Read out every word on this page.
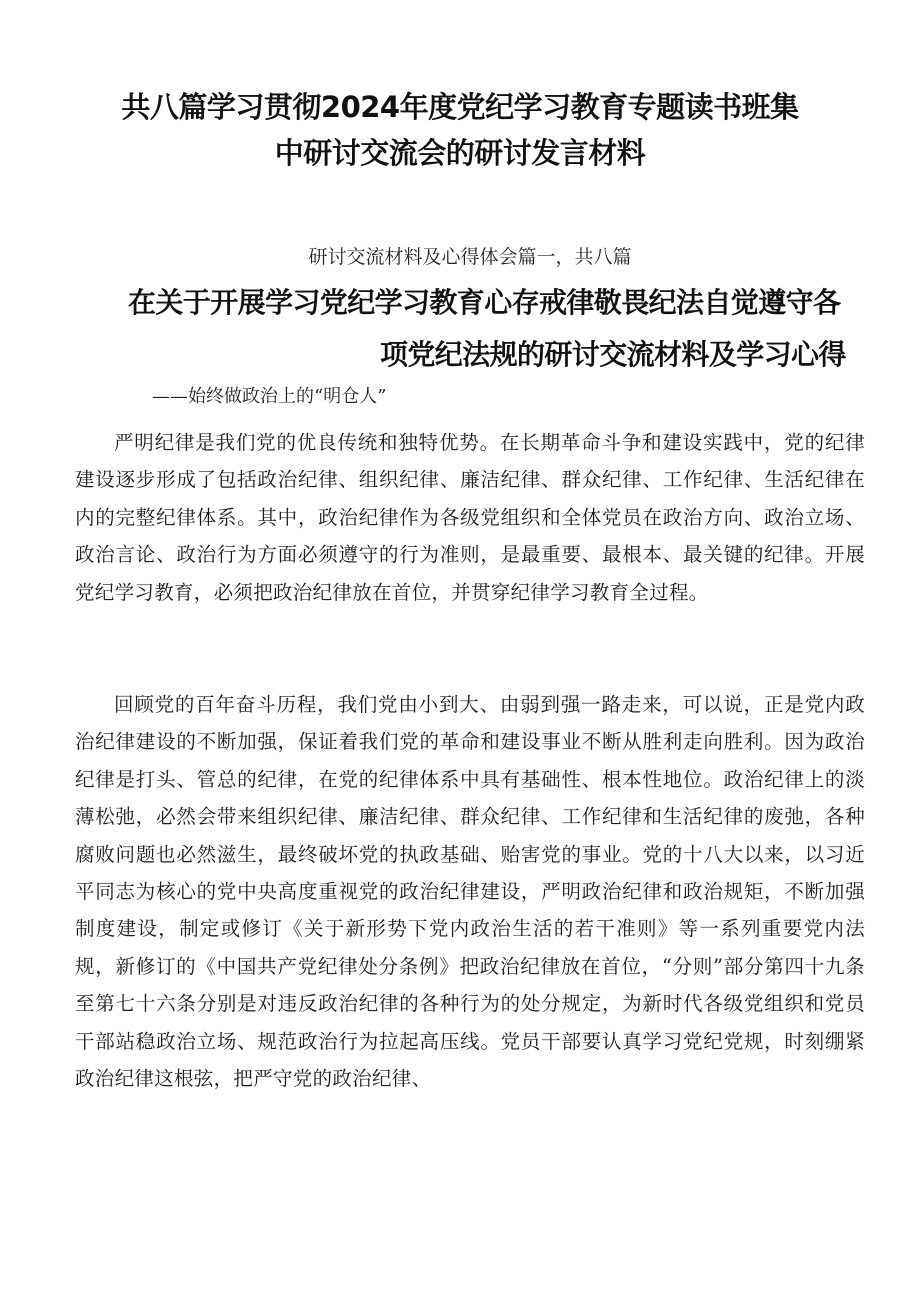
共八篇学习贯彻2024年度党纪学习教育专题读书班集
中研讨交流会的研讨发言材料
研讨交流材料及心得体会篇一，共八篇
在关于开展学习党纪学习教育心存戒律敬畏纪法自觉遵守各
项党纪法规的研讨交流材料及学习心得
——始终做政治上的“明仓人”
严明纪律是我们党的优良传统和独特优势。在长期革命斗争和建设实践中，党的纪律建设逐步形成了包括政治纪律、组织纪律、廉洁纪律、群众纪律、工作纪律、生活纪律在内的完整纪律体系。其中，政治纪律作为各级党组织和全体党员在政治方向、政治立场、政治言论、政治行为方面必须遵守的行为准则，是最重要、最根本、最关键的纪律。开展党纪学习教育，必须把政治纪律放在首位，并贯穿纪律学习教育全过程。
回顾党的百年奋斗历程，我们党由小到大、由弱到强一路走来，可以说，正是党内政治纪律建设的不断加强，保证着我们党的革命和建设事业不断从胜利走向胜利。因为政治纪律是打头、管总的纪律，在党的纪律体系中具有基础性、根本性地位。政治纪律上的淡薄松弛，必然会带来组织纪律、廉洁纪律、群众纪律、工作纪律和生活纪律的废弛，各种腐败问题也必然滋生，最终破坏党的执政基础、贻害党的事业。党的十八大以来，以习近平同志为核心的党中央高度重视党的政治纪律建设，严明政治纪律和政治规矩，不断加强制度建设，制定或修订《关于新形势下党内政治生活的若干准则》等一系列重要党内法规，新修订的《中国共产党纪律处分条例》把政治纪律放在首位，“分则”部分第四十九条至第七十六条分别是对违反政治纪律的各种行为的处分规定，为新时代各级党组织和党员干部站稳政治立场、规范政治行为拉起高压线。党员干部要认真学习党纪党规，时刻绷紧政治纪律这根弦，把严守党的政治纪律、
